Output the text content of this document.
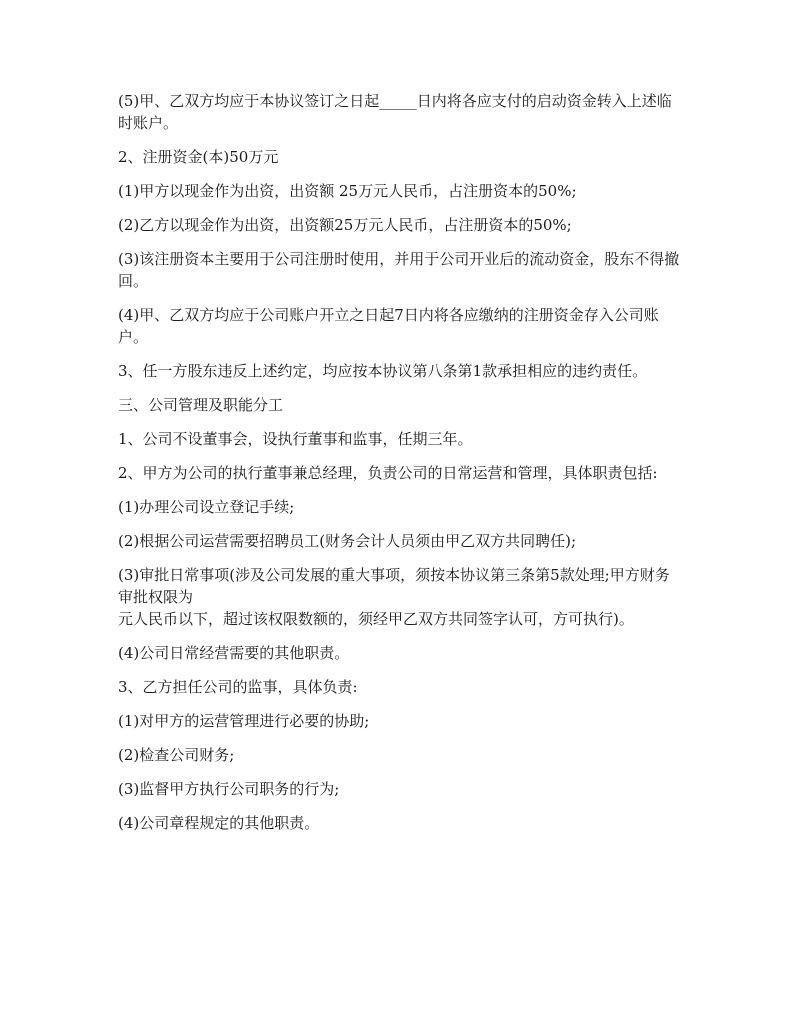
(5)甲、乙双方均应于本协议签订之日起_____日内将各应支付的启动资金转入上述临时账户。

2、注册资金(本)50万元

(1)甲方以现金作为出资，出资额 25万元人民币，占注册资本的50%;

(2)乙方以现金作为出资，出资额25万元人民币，占注册资本的50%;

(3)该注册资本主要用于公司注册时使用，并用于公司开业后的流动资金，股东不得撤回。

(4)甲、乙双方均应于公司账户开立之日起7日内将各应缴纳的注册资金存入公司账户。

3、任一方股东违反上述约定，均应按本协议第八条第1款承担相应的违约责任。

三、公司管理及职能分工

1、公司不设董事会，设执行董事和监事，任期三年。

2、甲方为公司的执行董事兼总经理，负责公司的日常运营和管理，具体职责包括:

(1)办理公司设立登记手续;

(2)根据公司运营需要招聘员工(财务会计人员须由甲乙双方共同聘任);

(3)审批日常事项(涉及公司发展的重大事项，须按本协议第三条第5款处理;甲方财务审批权限为
元人民币以下，超过该权限数额的，须经甲乙双方共同签字认可，方可执行)。

(4)公司日常经营需要的其他职责。

3、乙方担任公司的监事，具体负责:

(1)对甲方的运营管理进行必要的协助;

(2)检查公司财务;

(3)监督甲方执行公司职务的行为;

(4)公司章程规定的其他职责。
